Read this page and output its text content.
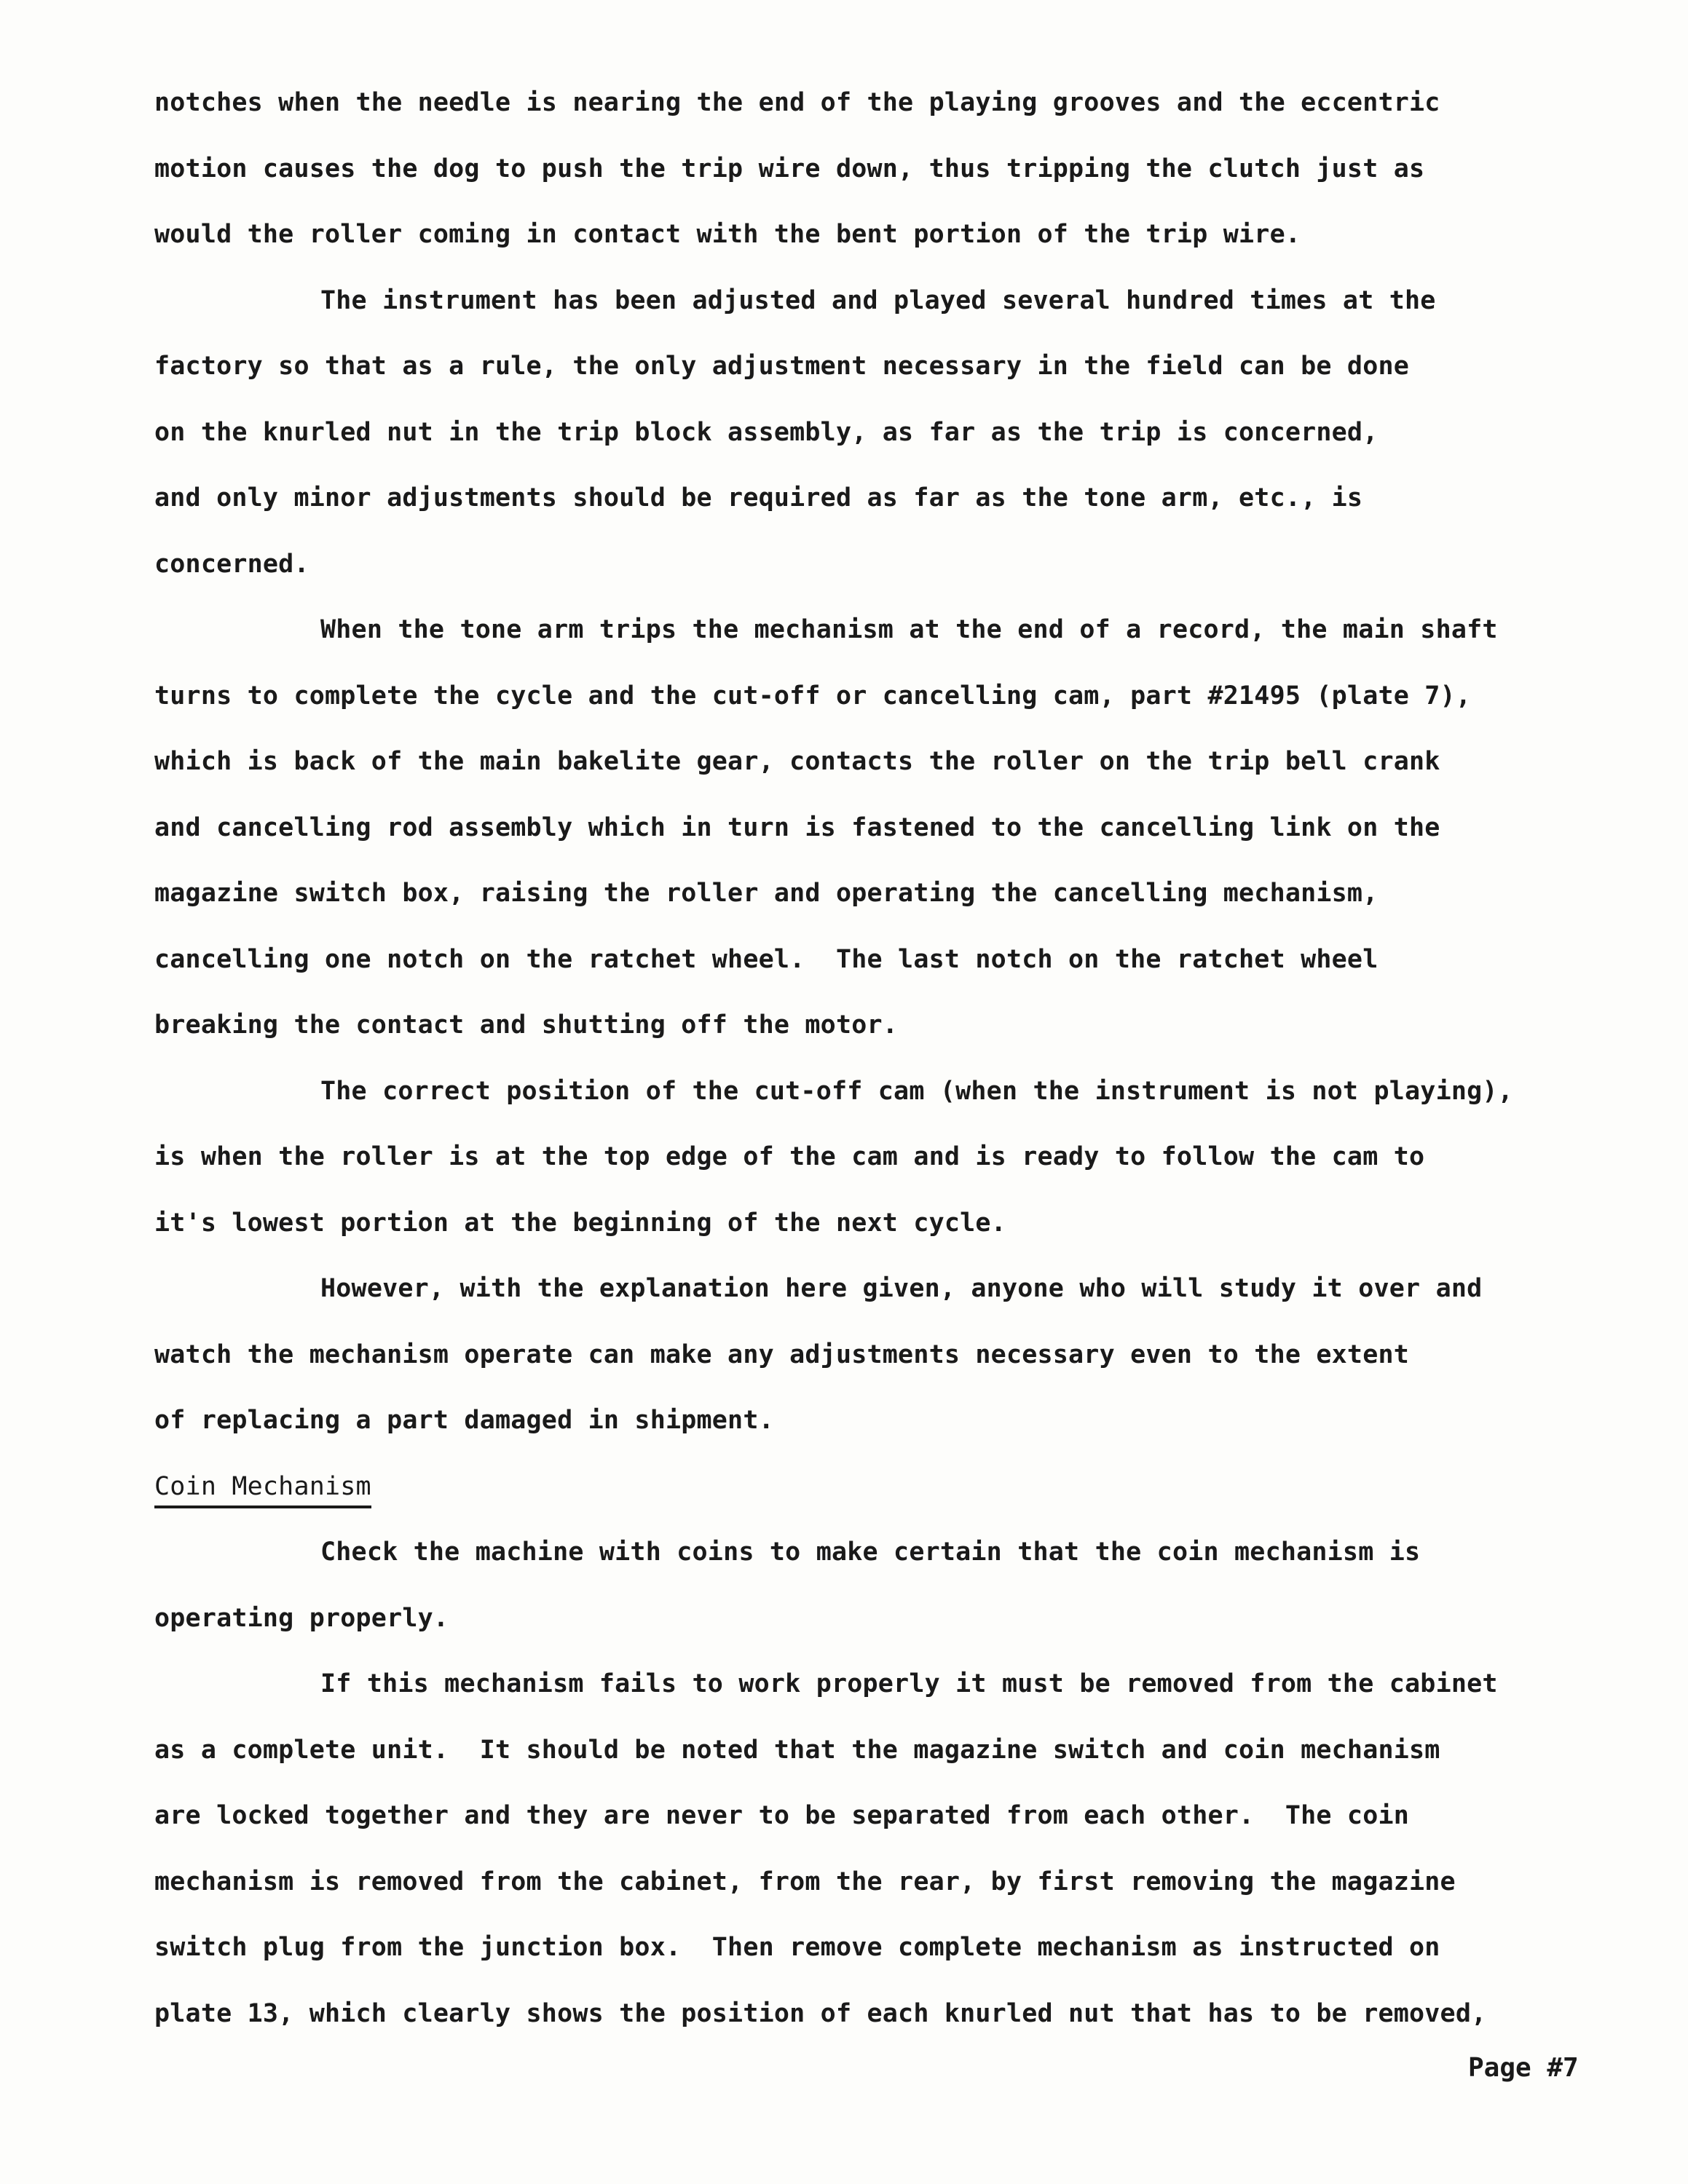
notches when the needle is nearing the end of the playing grooves and the eccentric
motion causes the dog to push the trip wire down, thus tripping the clutch just as
would the roller coming in contact with the bent portion of the trip wire.
The instrument has been adjusted and played several hundred times at the
factory so that as a rule, the only adjustment necessary in the field can be done
on the knurled nut in the trip block assembly, as far as the trip is concerned,
and only minor adjustments should be required as far as the tone arm, etc., is
concerned.
When the tone arm trips the mechanism at the end of a record, the main shaft
turns to complete the cycle and the cut-off or cancelling cam, part #21495 (plate 7),
which is back of the main bakelite gear, contacts the roller on the trip bell crank
and cancelling rod assembly which in turn is fastened to the cancelling link on the
magazine switch box, raising the roller and operating the cancelling mechanism,
cancelling one notch on the ratchet wheel.  The last notch on the ratchet wheel
breaking the contact and shutting off the motor.
The correct position of the cut-off cam (when the instrument is not playing),
is when the roller is at the top edge of the cam and is ready to follow the cam to
it's lowest portion at the beginning of the next cycle.
However, with the explanation here given, anyone who will study it over and
watch the mechanism operate can make any adjustments necessary even to the extent
of replacing a part damaged in shipment.
Coin Mechanism
Check the machine with coins to make certain that the coin mechanism is
operating properly.
If this mechanism fails to work properly it must be removed from the cabinet
as a complete unit.  It should be noted that the magazine switch and coin mechanism
are locked together and they are never to be separated from each other.  The coin
mechanism is removed from the cabinet, from the rear, by first removing the magazine
switch plug from the junction box.  Then remove complete mechanism as instructed on
plate 13, which clearly shows the position of each knurled nut that has to be removed,
Page #7
